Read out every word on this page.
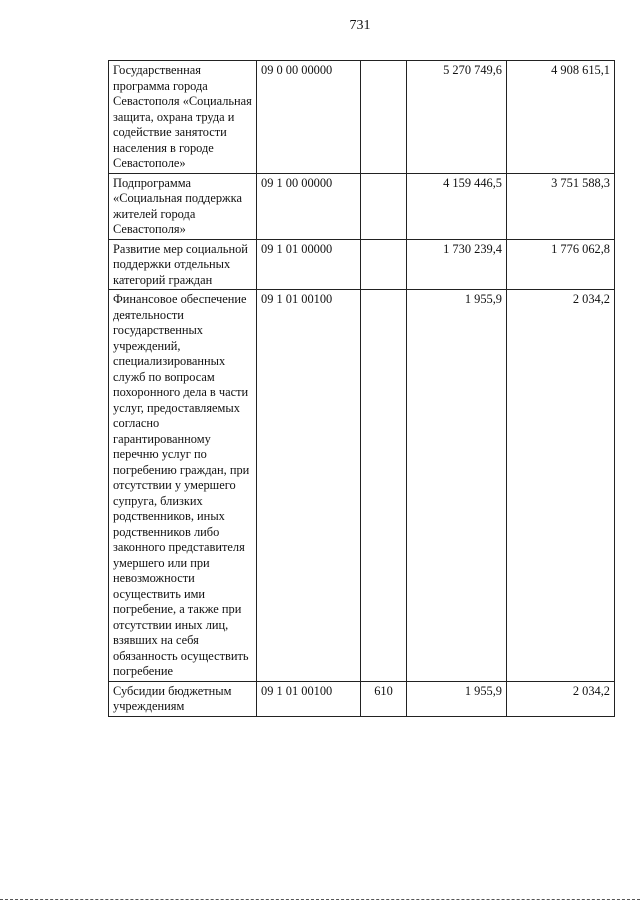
731
Государственная программа города Севастополя «Социальная защита, охрана труда и содействие занятости населения в городе Севастополе»	09 0 00 00000		5 270 749,6	4 908 615,1
Подпрограмма «Социальная поддержка жителей города Севастополя»	09 1 00 00000		4 159 446,5	3 751 588,3
Развитие мер социальной поддержки отдельных категорий граждан	09 1 01 00000		1 730 239,4	1 776 062,8
Финансовое обеспечение деятельности государственных учреждений, специализированных служб по вопросам похоронного дела в части услуг, предоставляемых согласно гарантированному перечню услуг по погребению граждан, при отсутствии у умершего супруга, близких родственников, иных родственников либо законного представителя умершего или при невозможности осуществить ими погребение, а также при отсутствии иных лиц, взявших на себя обязанность осуществить погребение	09 1 01 00100		1 955,9	2 034,2
Субсидии бюджетным учреждениям	09 1 01 00100	610	1 955,9	2 034,2
